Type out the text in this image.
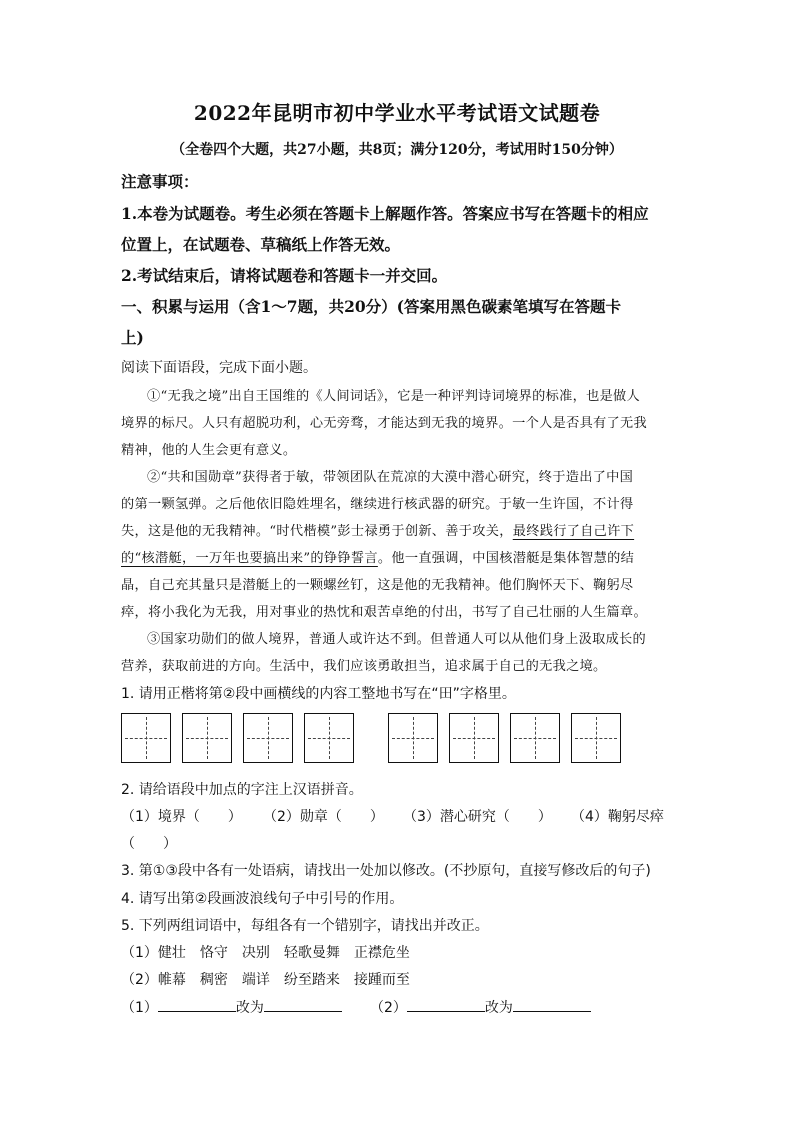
2022年昆明市初中学业水平考试语文试题卷
（全卷四个大题，共27小题，共8页；满分120分，考试用时150分钟）
注意事项：
1.本卷为试题卷。考生必须在答题卡上解题作答。答案应书写在答题卡的相应
位置上，在试题卷、草稿纸上作答无效。
2.考试结束后，请将试题卷和答题卡一并交回。
一、积累与运用（含1～7题，共20分）(答案用黑色碳素笔填写在答题卡
上)
阅读下面语段，完成下面小题。
①“无我之境”出自王国维的《人间词话》，它是一种评判诗词境界的标准，也是做人
境界的标尺。人只有超脱功利，心无旁骛，才能达到无我的境界。一个人是否具有了无我
精神，他的人生会更有意义。
②“共和国勋章”获得者于敏，带领团队在荒凉的大漠中潜心研究，终于造出了中国
的第一颗氢弹。之后他依旧隐姓埋名，继续进行核武器的研究。于敏一生许国，不计得
失，这是他的无我精神。“时代楷模”彭士禄勇于创新、善于攻关，最终践行了自己许下
的“核潜艇，一万年也要搞出来”的铮铮誓言。他一直强调，中国核潜艇是集体智慧的结
晶，自己充其量只是潜艇上的一颗螺丝钉，这是他的无我精神。他们胸怀天下、鞠躬尽
瘁，将小我化为无我，用对事业的热忱和艰苦卓绝的付出，书写了自己壮丽的人生篇章。
③国家功勋们的做人境界，普通人或许达不到。但普通人可以从他们身上汲取成长的
营养，获取前进的方向。生活中，我们应该勇敢担当，追求属于自己的无我之境。
1. 请用正楷将第②段中画横线的内容工整地书写在“田”字格里。
2. 请给语段中加点的字注上汉语拼音。
（1）境界（　　） （2）勋章（　　） （3）潜心研究（　　） （4）鞠躬尽瘁
（　　）
3. 第①③段中各有一处语病，请找出一处加以修改。(不抄原句，直接写修改后的句子)
4. 请写出第②段画波浪线句子中引号的作用。
5. 下列两组词语中，每组各有一个错别字，请找出并改正。
（1）健壮　恪守　决别　轻歌曼舞　正襟危坐
（2）帷幕　稠密　端详　纷至踏来　接踵而至
（1）	改为	（2）	改为
